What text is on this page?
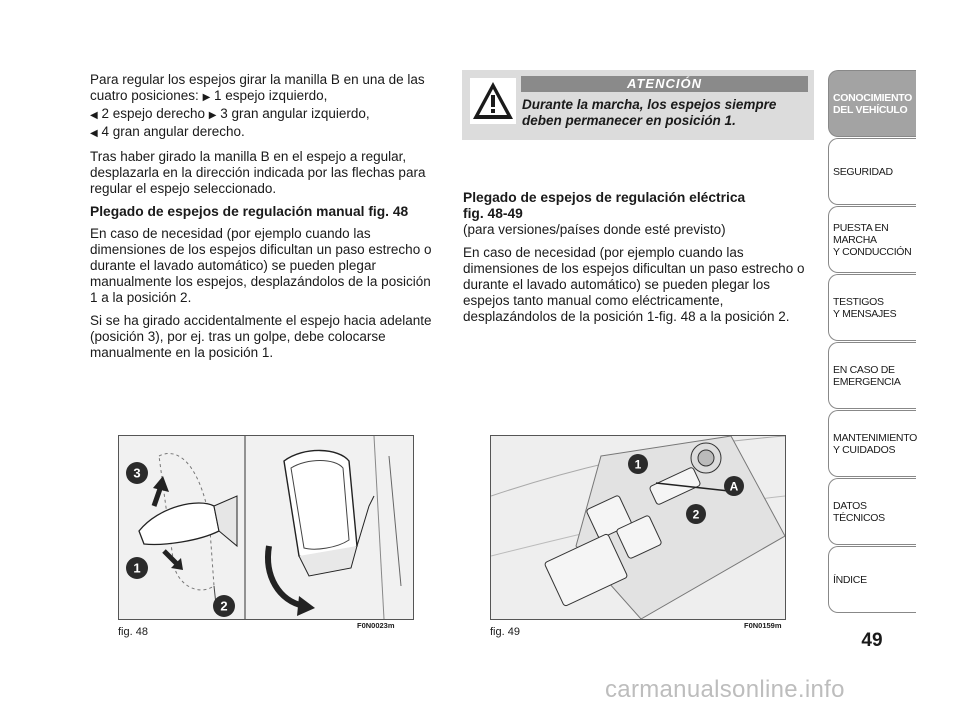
Para regular los espejos girar la manilla B en una de las cuatro posiciones: ▶ 1 espejo izquierdo,
◀ 2 espejo derecho ▶ 3 gran angular izquierdo,
◀ 4 gran angular derecho.

Tras haber girado la manilla B en el espejo a regular, desplazarla en la dirección indicada por las flechas para regular el espejo seleccionado.

Plegado de espejos de regulación manual fig. 48

En caso de necesidad (por ejemplo cuando las dimensiones de los espejos dificultan un paso estrecho o durante el lavado automático) se pueden plegar manualmente los espejos, desplazándolos de la posición 1 a la posición 2.

Si se ha girado accidentalmente el espejo hacia adelante (posición 3), por ej. tras un golpe, debe colocarse manualmente en la posición 1.

ATENCIÓN
Durante la marcha, los espejos siempre deben permanecer en posición 1.
Plegado de espejos de regulación eléctrica
fig. 48-49

(para versiones/países donde esté previsto)

En caso de necesidad (por ejemplo cuando las dimensiones de los espejos dificultan un paso estrecho o durante el lavado automático) se pueden plegar los espejos tanto manual como eléctricamente, desplazándolos de la posición 1-fig. 48 a la posición 2.

3
1
2
fig. 48
F0N0023m
1
A
2
fig. 49
F0N0159m
CONOCIMIENTO
DEL VEHÍCULO
SEGURIDAD
PUESTA EN
MARCHA
Y CONDUCCIÓN
TESTIGOS
Y MENSAJES
EN CASO DE
EMERGENCIA
MANTENIMIENTO
Y CUIDADOS
DATOS
TÉCNICOS
ÍNDICE
49
carmanualsonline.info
